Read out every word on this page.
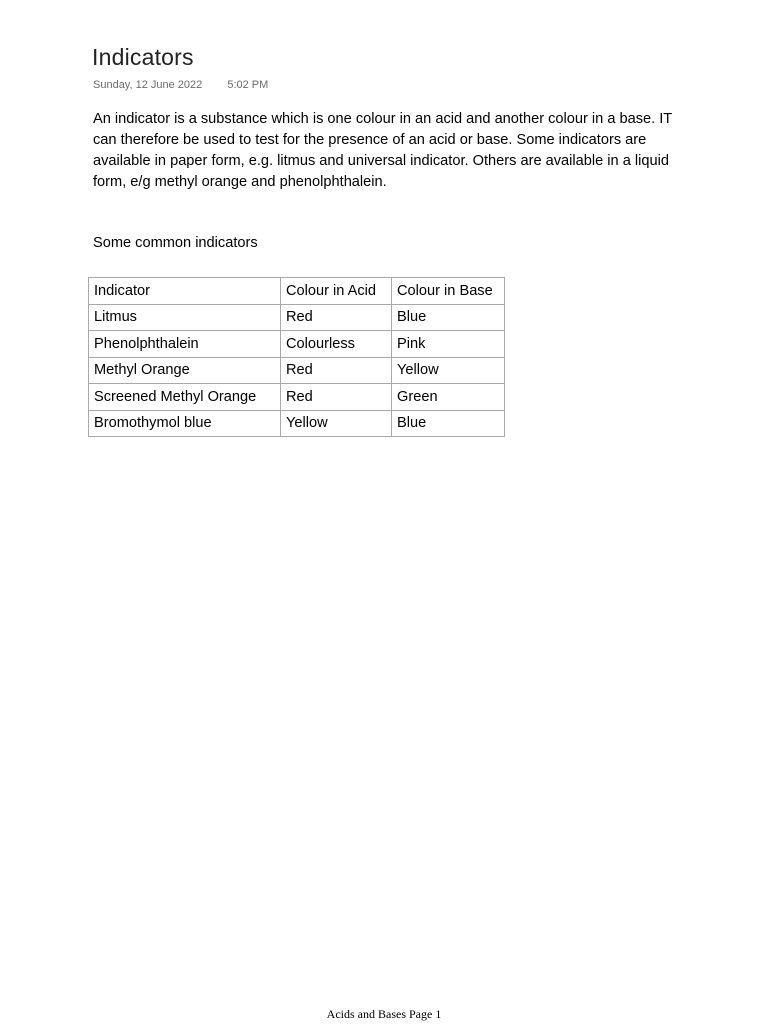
Indicators
Sunday, 12 June 2022 5:02 PM

An indicator is a substance which is one colour in an acid and another colour in a base. IT can therefore be used to test for the presence of an acid or base. Some indicators are available in paper form, e.g. litmus and universal indicator. Others are available in a liquid form, e/g methyl orange and phenolphthalein.

Some common indicators

Indicator	Colour in Acid	Colour in Base
Litmus	Red	Blue
Phenolphthalein	Colourless	Pink
Methyl Orange	Red	Yellow
Screened Methyl Orange	Red	Green
Bromothymol blue	Yellow	Blue
Acids and Bases Page 1
